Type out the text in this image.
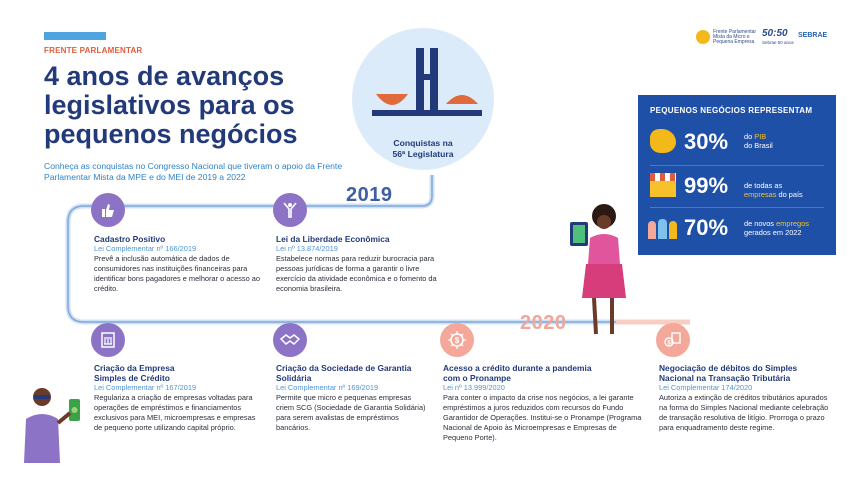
FRENTE PARLAMENTAR
4 anos de avanços legislativos para os pequenos negócios
Conheça as conquistas no Congresso Nacional que tiveram o apoio da Frente Parlamentar Mista da MPE e do MEI de 2019 a 2022
Frente Parlamentar Mista da Micro e Pequena Empresa
50:50
Sebrae 50 anos
SEBRAE
Conquistas na
56ª Legislatura
2019
2020
Cadastro Positivo
Lei Complementar nº 166/2019
Prevê a inclusão automática de dados de consumidores nas instituições financeiras para identificar bons pagadores e melhorar o acesso ao crédito.
Lei da Liberdade Econômica
Lei nº 13.874/2019
Estabelece normas para reduzir burocracia para pessoas jurídicas de forma a garantir o livre exercício da atividade econômica e o fomento da economia brasileira.
Criação da Empresa Simples de Crédito
Lei Complementar nº 167/2019
Regulariza a criação de empresas voltadas para operações de empréstimos e financiamentos exclusivos para MEI, microempresas e empresas de pequeno porte utilizando capital próprio.
Criação da Sociedade de Garantia Solidária
Lei Complementar nº 169/2019
Permite que micro e pequenas empresas criem SCG (Sociedade de Garantia Solidária) para serem avalistas de empréstimos bancários.
$
Acesso a crédito durante a pandemia com o Pronampe
Lei nº 13.999/2020
Para conter o impacto da crise nos negócios, a lei garante empréstimos a juros reduzidos com recursos do Fundo Garantidor de Operações. Institui-se o Pronampe (Programa Nacional de Apoio às Microempresas e Empresas de Pequeno Porte).
$
Negociação de débitos do Simples Nacional na Transação Tributária
Lei Complementar 174/2020
Autoriza a extinção de créditos tributários apurados na forma do Simples Nacional mediante celebração de transação resolutiva de litígio. Prorroga o prazo para enquadramento deste regime.
PEQUENOS NEGÓCIOS REPRESENTAM
30% do PIB
do Brasil
99% de todas as
empresas do país
70% de novos empregos
gerados em 2022
